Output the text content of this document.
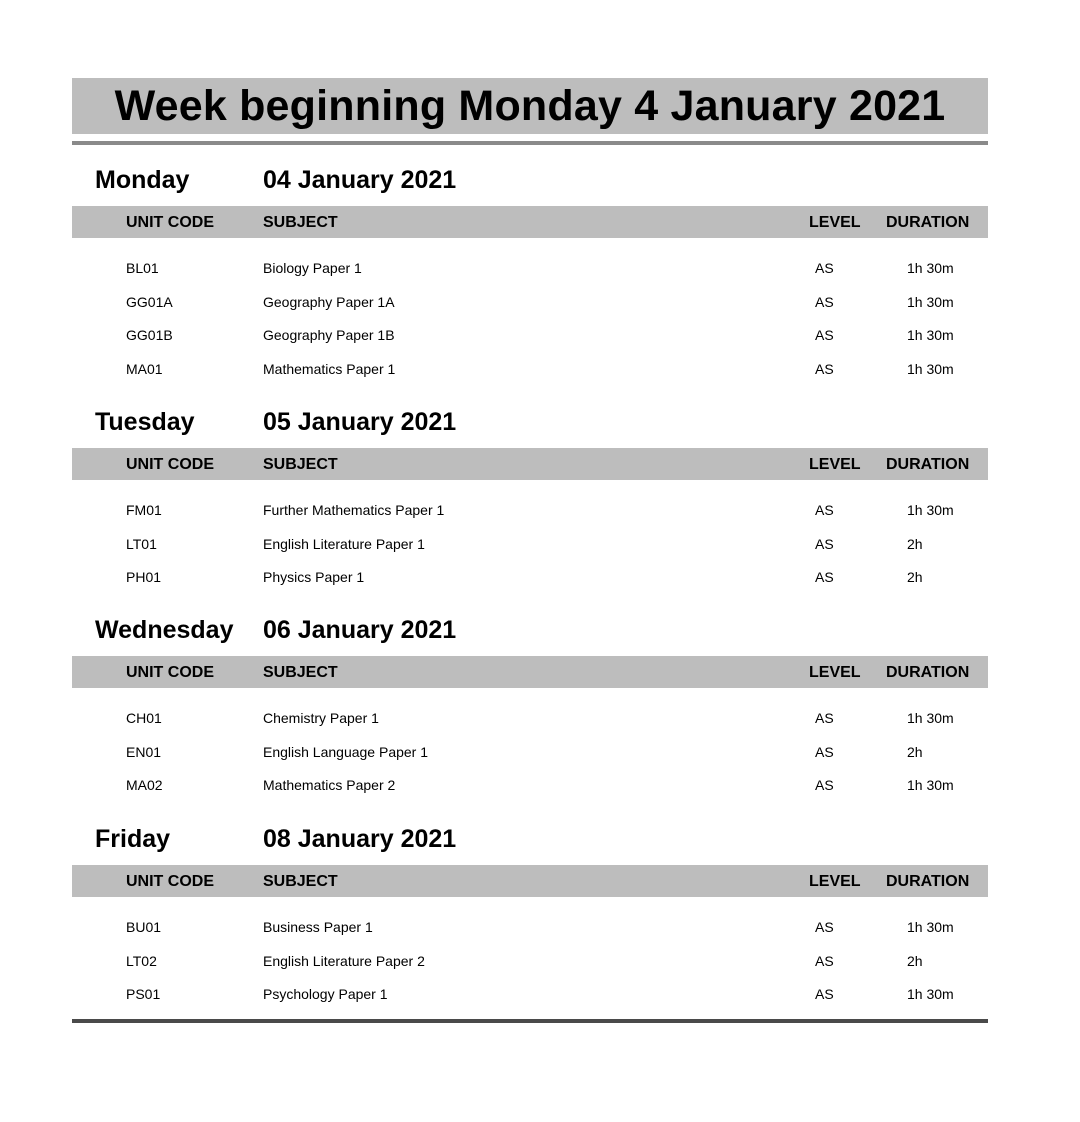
Week beginning Monday 4 January 2021
Monday	04 January 2021
UNIT CODE	SUBJECT	LEVEL DURATION
BL01	Biology Paper 1	AS	1h 30m
GG01A	Geography Paper 1A	AS	1h 30m
GG01B	Geography Paper 1B	AS	1h 30m
MA01	Mathematics Paper 1	AS	1h 30m
Tuesday	05 January 2021
UNIT CODE	SUBJECT	LEVEL DURATION
FM01	Further Mathematics Paper 1	AS	1h 30m
LT01	English Literature Paper 1	AS	2h
PH01	Physics Paper 1	AS	2h
Wednesday 06 January 2021
UNIT CODE	SUBJECT	LEVEL DURATION
CH01	Chemistry Paper 1	AS	1h 30m
EN01	English Language Paper 1	AS	2h
MA02	Mathematics Paper 2	AS	1h 30m
Friday	08 January 2021
UNIT CODE	SUBJECT	LEVEL DURATION
BU01	Business Paper 1	AS	1h 30m
LT02	English Literature Paper 2	AS	2h
PS01	Psychology Paper 1	AS	1h 30m
